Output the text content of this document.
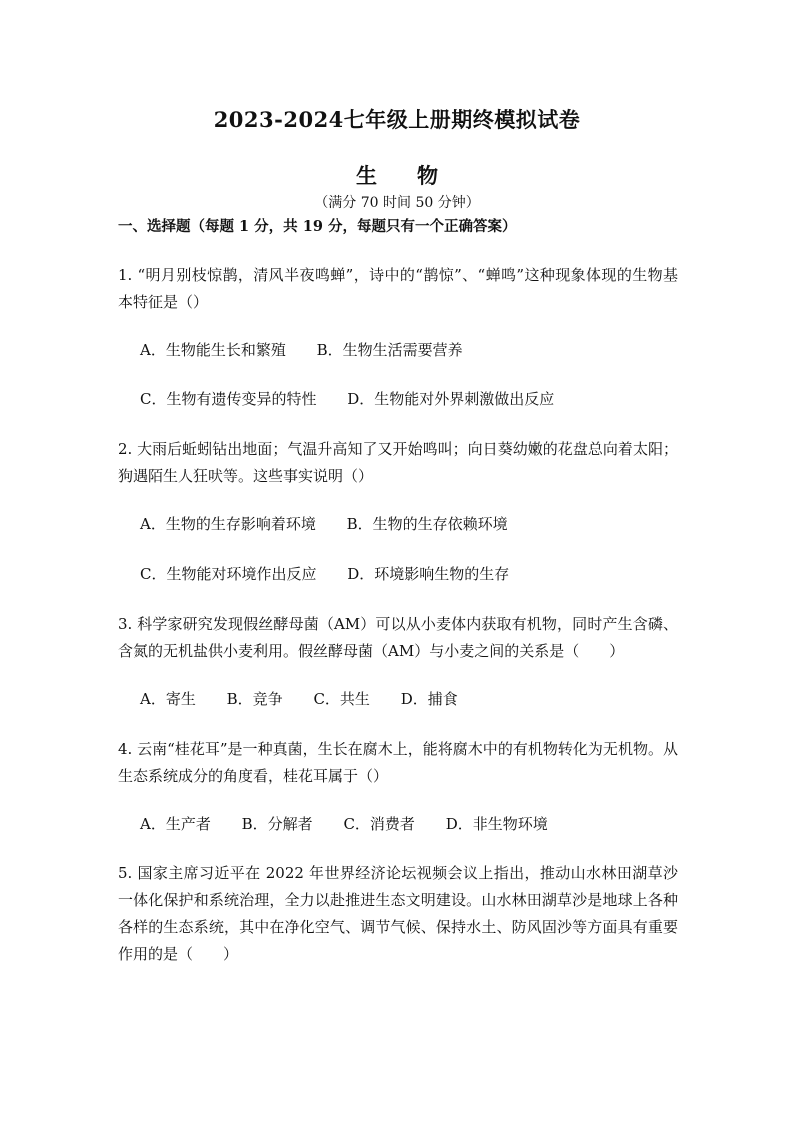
2023-2024七年级上册期终模拟试卷
生物
（满分 70 时间 50 分钟）
一、选择题（每题 1 分，共 19 分，每题只有一个正确答案）
1. “明月别枝惊鹊，清风半夜鸣蝉”，诗中的“鹊惊”、“蝉鸣”这种现象体现的生物基本特征是（）
A．生物能生长和繁殖 B．生物生活需要营养
C．生物有遗传变异的特性 D．生物能对外界刺激做出反应
2. 大雨后蚯蚓钻出地面；气温升高知了又开始鸣叫；向日葵幼嫩的花盘总向着太阳；狗遇陌生人狂吠等。这些事实说明（）
A．生物的生存影响着环境 B．生物的生存依赖环境
C．生物能对环境作出反应 D．环境影响生物的生存
3. 科学家研究发现假丝酵母菌（AM）可以从小麦体内获取有机物，同时产生含磷、含氮的无机盐供小麦利用。假丝酵母菌（AM）与小麦之间的关系是（　　）
A．寄生 B．竞争 C．共生 D．捕食
4. 云南“桂花耳”是一种真菌，生长在腐木上，能将腐木中的有机物转化为无机物。从生态系统成分的角度看，桂花耳属于（）
A．生产者 B．分解者 C．消费者 D．非生物环境
5. 国家主席习近平在 2022 年世界经济论坛视频会议上指出，推动山水林田湖草沙一体化保护和系统治理，全力以赴推进生态文明建设。山水林田湖草沙是地球上各种各样的生态系统，其中在净化空气、调节气候、保持水土、防风固沙等方面具有重要作用的是（　　）
